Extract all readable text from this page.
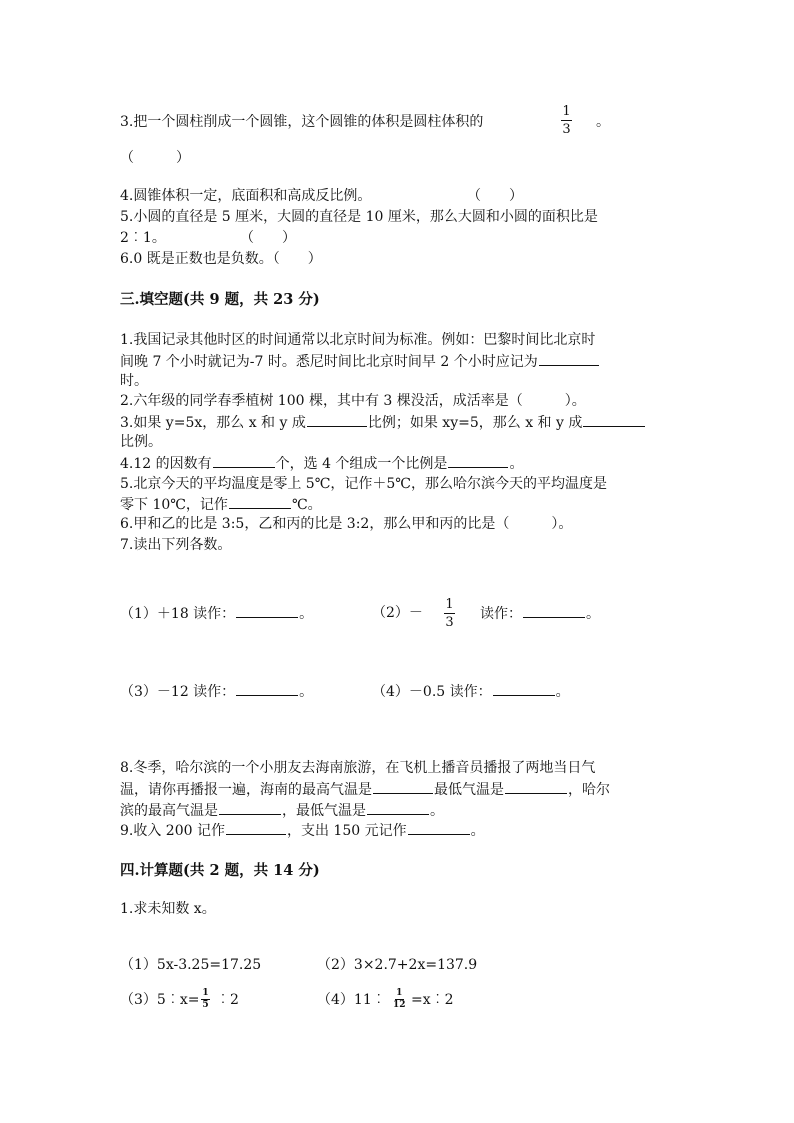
3.把一个圆柱削成一个圆锥，这个圆锥的体积是圆柱体积的
1
3 。
（　　　）
4.圆锥体积一定，底面积和高成反比例。	（　　）
5.小圆的直径是 5 厘米，大圆的直径是 10 厘米，那么大圆和小圆的面积比是
2︰1。	（　　）
6.0 既是正数也是负数。（　　）
三.填空题(共 9 题，共 23 分)
1.我国记录其他时区的时间通常以北京时间为标准。例如：巴黎时间比北京时
间晚 7 个小时就记为-7 时。悉尼时间比北京时间早 2 个小时应记为
时。
2.六年级的同学春季植树 100 棵，其中有 3 棵没活，成活率是（　　　）。
3.如果 y=5x，那么 x 和 y 成	比例；如果 xy=5，那么 x 和 y 成
比例。
4.12 的因数有	个，选 4 个组成一个比例是	。
5.北京今天的平均温度是零上 5℃，记作＋5℃，那么哈尔滨今天的平均温度是
零下 10℃，记作	℃。
6.甲和乙的比是 3:5，乙和丙的比是 3:2，那么甲和丙的比是（　　　）。
7.读出下列各数。
（1）＋18 读作：	。	（2）－
1
3
读作：	。
（3）－12 读作：	。	（4）－0.5 读作：	。
8.冬季，哈尔滨的一个小朋友去海南旅游，在飞机上播音员播报了两地当日气
温，请你再播报一遍，海南的最高气温是	最低气温是	，哈尔
滨的最高气温是	，最低气温是	。
9.收入 200 记作	，支出 150 元记作	。
四.计算题(共 2 题，共 14 分)
1.求未知数 x。
（1）5x-3.25=17.25	（2）3×2.7+2x=137.9
（3）5︰x= 1
5 ︰2	（4）11︰ 1
12 =x︰2
